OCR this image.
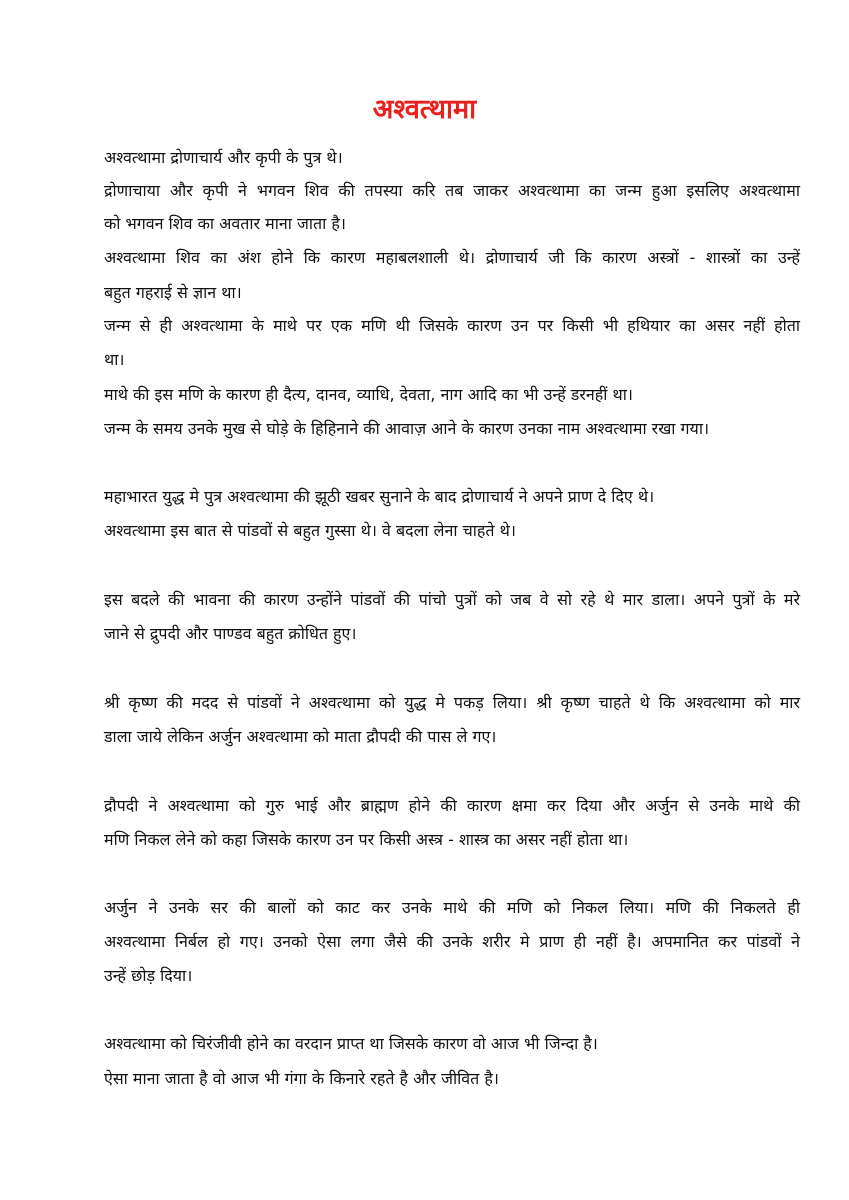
अश्वत्थामा
अश्वत्थामा द्रोणाचार्य और कृपी के पुत्र थे।
द्रोणाचाया और कृपी ने भगवन शिव की तपस्या करि तब जाकर अश्वत्थामा का जन्म हुआ इसलिए अश्वत्थामा
को भगवन शिव का अवतार माना जाता है।
अश्वत्थामा शिव का अंश होने कि कारण महाबलशाली थे। द्रोणाचार्य जी कि कारण अस्त्रों - शास्त्रों का उन्हें
बहुत गहराई से ज्ञान था।
जन्म से ही अश्वत्थामा के माथे पर एक मणि थी जिसके कारण उन पर किसी भी हथियार का असर नहीं होता
था।
माथे की इस मणि के कारण ही दैत्य, दानव, व्याधि, देवता, नाग आदि का भी उन्हें डरनहीं था।
जन्म के समय उनके मुख से घोड़े के हिहिनाने की आवाज़ आने के कारण उनका नाम अश्वत्थामा रखा गया।
महाभारत युद्ध मे पुत्र अश्वत्थामा की झूठी खबर सुनाने के बाद द्रोणाचार्य ने अपने प्राण दे दिए थे।
अश्वत्थामा इस बात से पांडवों से बहुत गुस्सा थे। वे बदला लेना चाहते थे।
इस बदले की भावना की कारण उन्होंने पांडवों की पांचो पुत्रों को जब वे सो रहे थे मार डाला। अपने पुत्रों के मरे
जाने से द्रुपदी और पाण्डव बहुत क्रोधित हुए।
श्री कृष्ण की मदद से पांडवों ने अश्वत्थामा को युद्ध मे पकड़ लिया। श्री कृष्ण चाहते थे कि अश्वत्थामा को मार
डाला जाये लेकिन अर्जुन अश्वत्थामा को माता द्रौपदी की पास ले गए।
द्रौपदी ने अश्वत्थामा को गुरु भाई और ब्राह्मण होने की कारण क्षमा कर दिया और अर्जुन से उनके माथे की
मणि निकल लेने को कहा जिसके कारण उन पर किसी अस्त्र - शास्त्र का असर नहीं होता था।
अर्जुन ने उनके सर की बालों को काट कर उनके माथे की मणि को निकल लिया। मणि की निकलते ही
अश्वत्थामा निर्बल हो गए। उनको ऐसा लगा जैसे की उनके शरीर मे प्राण ही नहीं है। अपमानित कर पांडवों ने
उन्हें छोड़ दिया।
अश्वत्थामा को चिरंजीवी होने का वरदान प्राप्त था जिसके कारण वो आज भी जिन्दा है।
ऐसा माना जाता है वो आज भी गंगा के किनारे रहते है और जीवित है।
